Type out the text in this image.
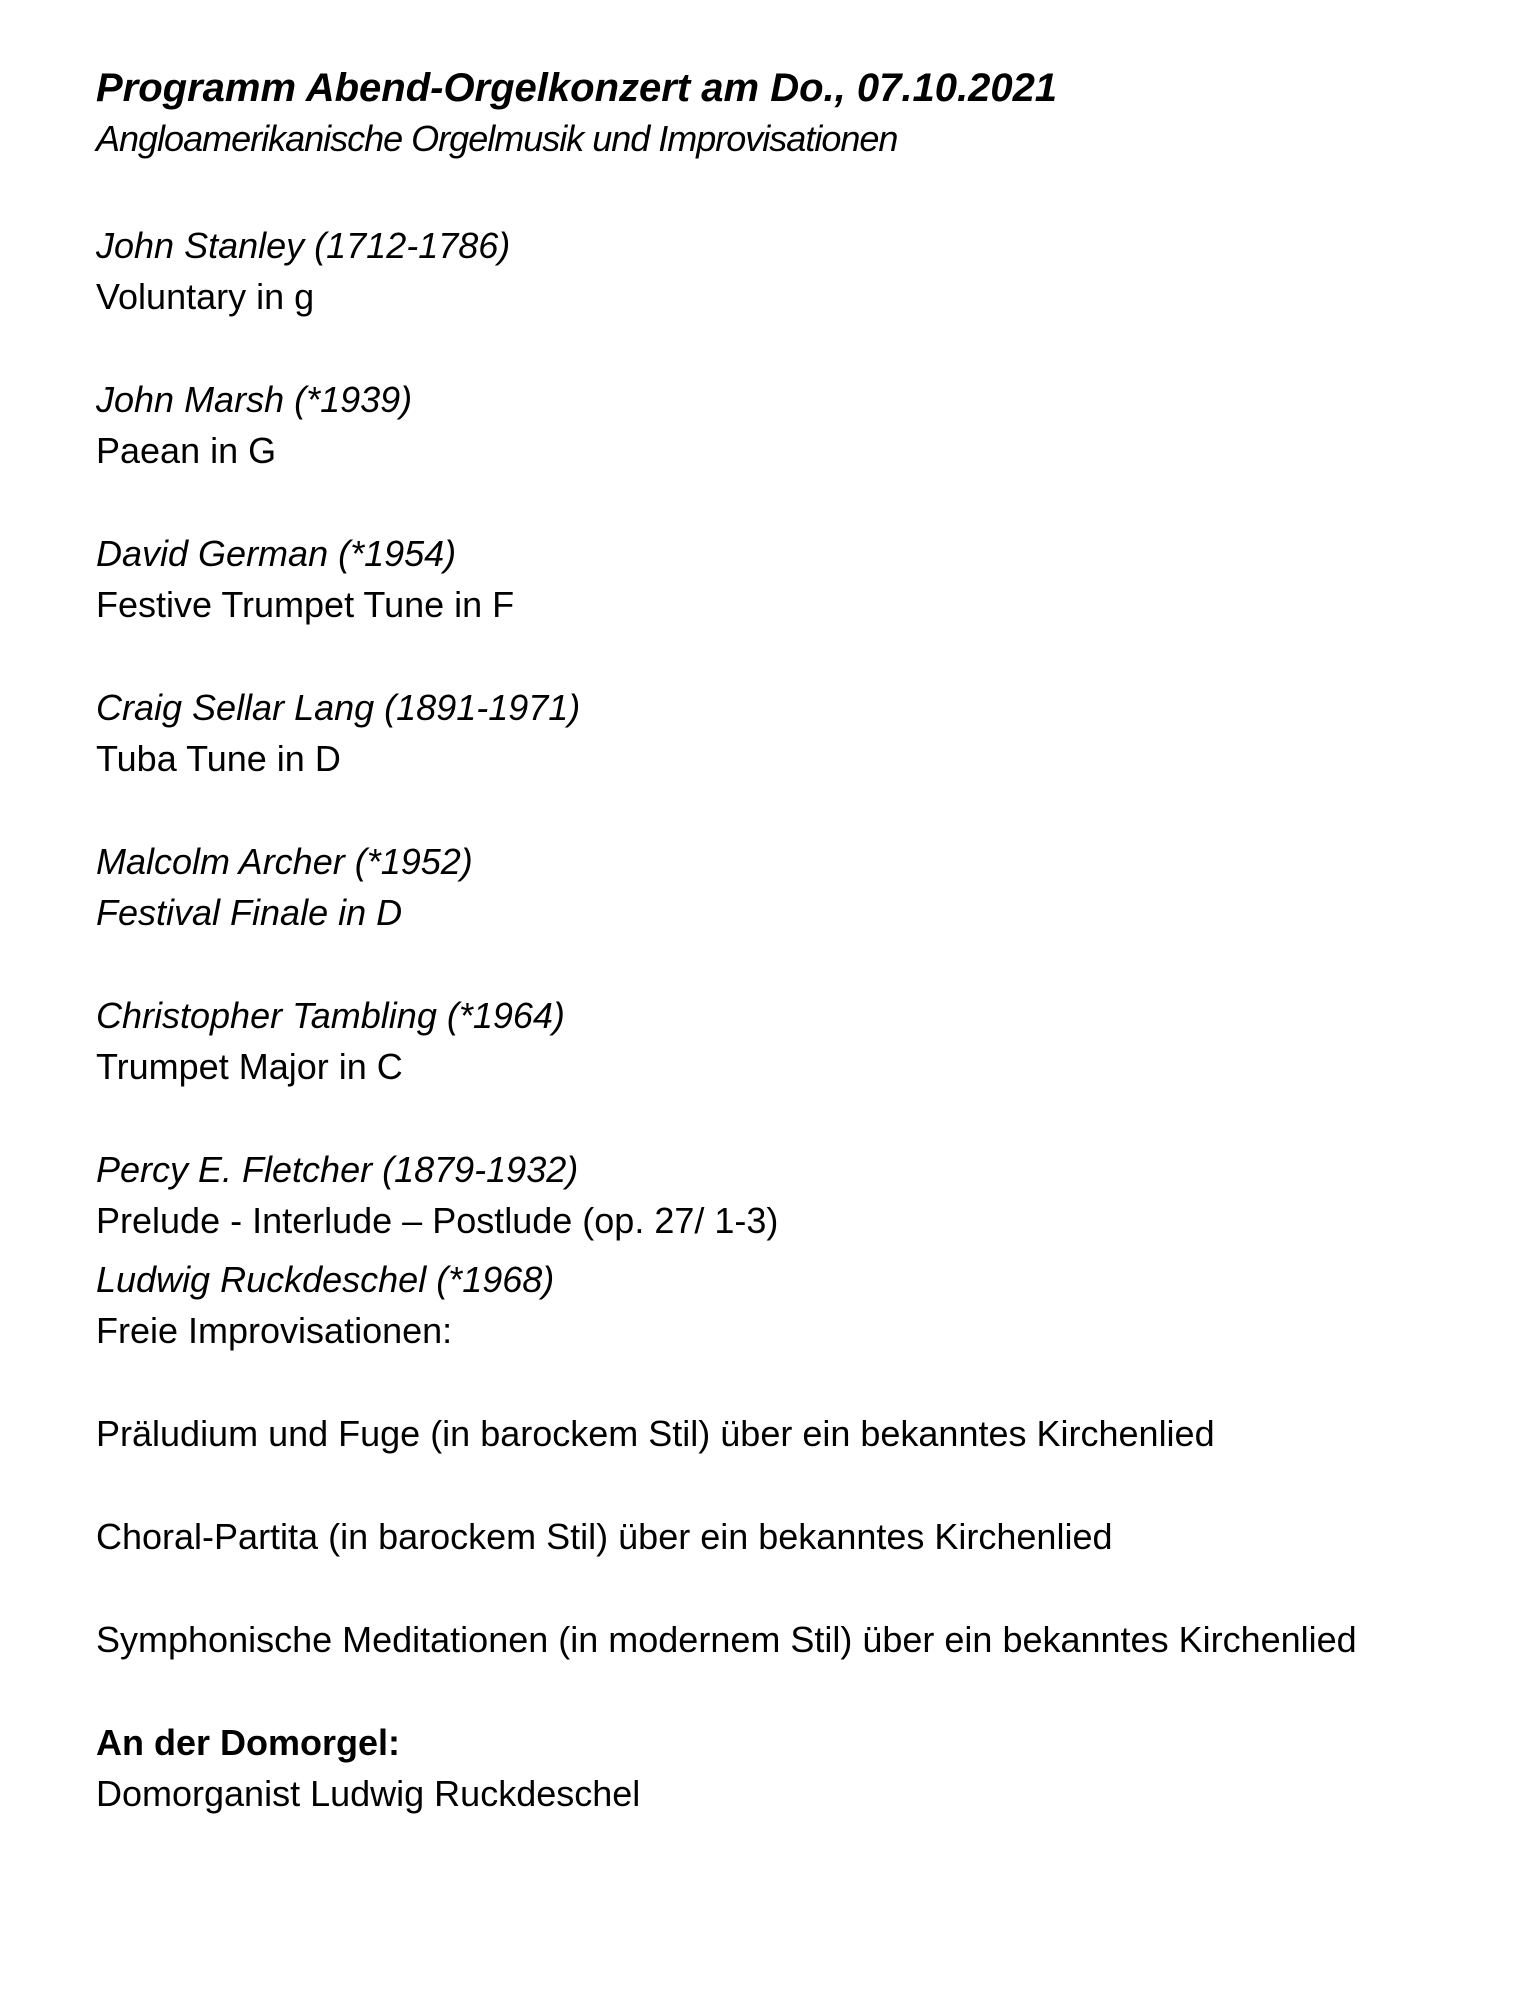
Programm Abend-Orgelkonzert am Do., 07.10.2021
Angloamerikanische Orgelmusik und Improvisationen
John Stanley (1712-1786)
Voluntary in g
John Marsh (*1939)
Paean in G
David German (*1954)
Festive Trumpet Tune in F
Craig Sellar Lang (1891-1971)
Tuba Tune in D
Malcolm Archer (*1952)
Festival Finale in D
Christopher Tambling (*1964)
Trumpet Major in C
Percy E. Fletcher (1879-1932)
Prelude - Interlude – Postlude (op. 27/ 1-3)
Ludwig Ruckdeschel (*1968)
Freie Improvisationen:
Präludium und Fuge (in barockem Stil) über ein bekanntes Kirchenlied
Choral-Partita (in barockem Stil) über ein bekanntes Kirchenlied
Symphonische Meditationen (in modernem Stil) über ein bekanntes Kirchenlied
An der Domorgel:
Domorganist Ludwig Ruckdeschel
